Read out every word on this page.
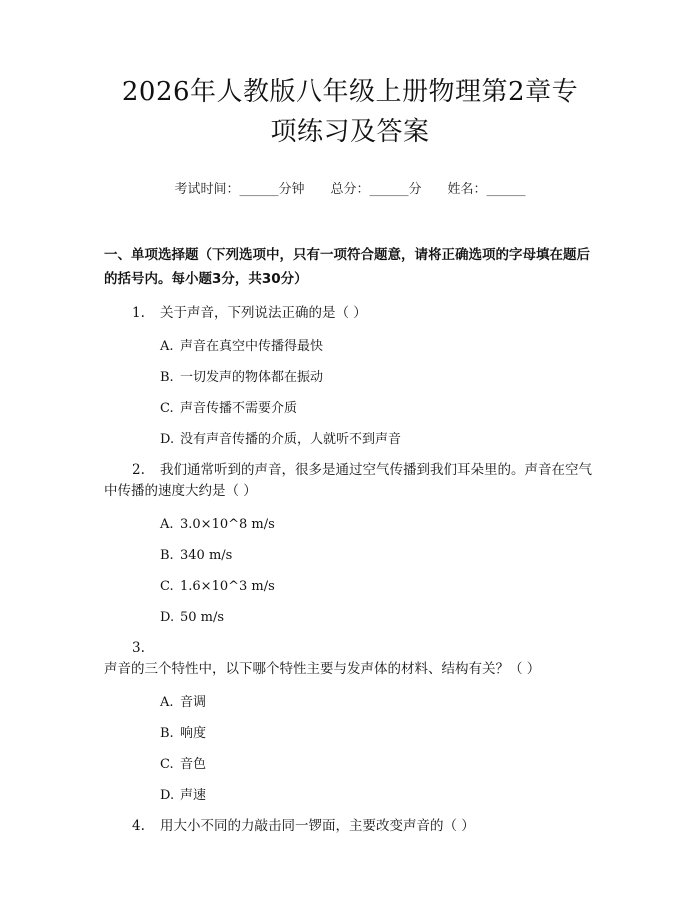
2026年人教版八年级上册物理第2章专项练习及答案
考试时间：______分钟 总分：______分 姓名：______
一、单项选择题（下列选项中，只有一项符合题意，请将正确选项的字母填在题后的括号内。每小题3分，共30分）
1. 关于声音，下列说法正确的是（ ）
A. 声音在真空中传播得最快
B. 一切发声的物体都在振动
C. 声音传播不需要介质
D. 没有声音传播的介质，人就听不到声音
2. 我们通常听到的声音，很多是通过空气传播到我们耳朵里的。声音在空气中传播的速度大约是（ ）
A. 3.0×10^8 m/s
B. 340 m/s
C. 1.6×10^3 m/s
D. 50 m/s
3.声音的三个特性中，以下哪个特性主要与发声体的材料、结构有关？（ ）
A. 音调
B. 响度
C. 音色
D. 声速
4. 用大小不同的力敲击同一锣面，主要改变声音的（ ）
